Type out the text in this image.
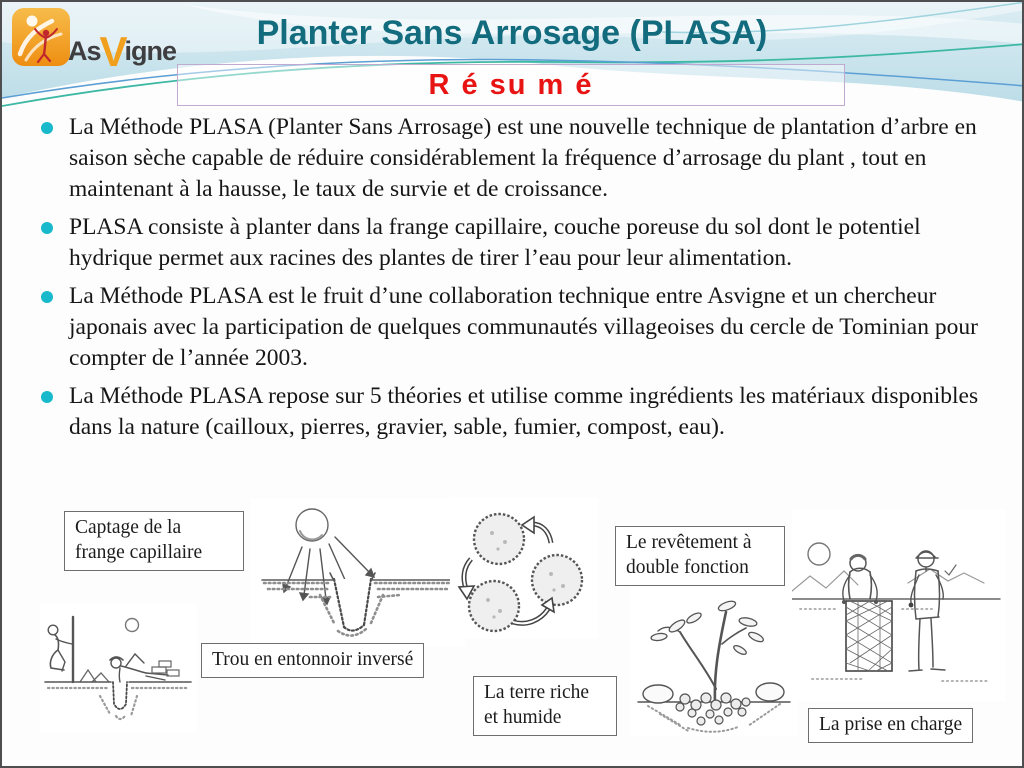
AsVigne	Planter Sans Arrosage (PLASA)
R é su m é
La Méthode PLASA (Planter Sans Arrosage) est une nouvelle technique de plantation d’arbre en saison sèche capable de réduire considérablement la fréquence d’arrosage du plant , tout en maintenant à la hausse, le taux de survie et de croissance.
PLASA consiste à planter dans la frange capillaire, couche poreuse du sol dont le potentiel hydrique permet aux racines des plantes de tirer l’eau pour leur alimentation.
La Méthode PLASA est le fruit d’une collaboration technique entre Asvigne et un chercheur japonais avec la participation de quelques communautés villageoises du cercle de Tominian pour compter de l’année 2003.
La Méthode PLASA repose sur 5 théories et utilise comme ingrédients les matériaux disponibles dans la nature (cailloux, pierres, gravier, sable, fumier, compost, eau).
Captage de la frange capillaire
Trou en entonnoir inversé
Le revêtement à double fonction
La terre riche et humide	La prise en charge
